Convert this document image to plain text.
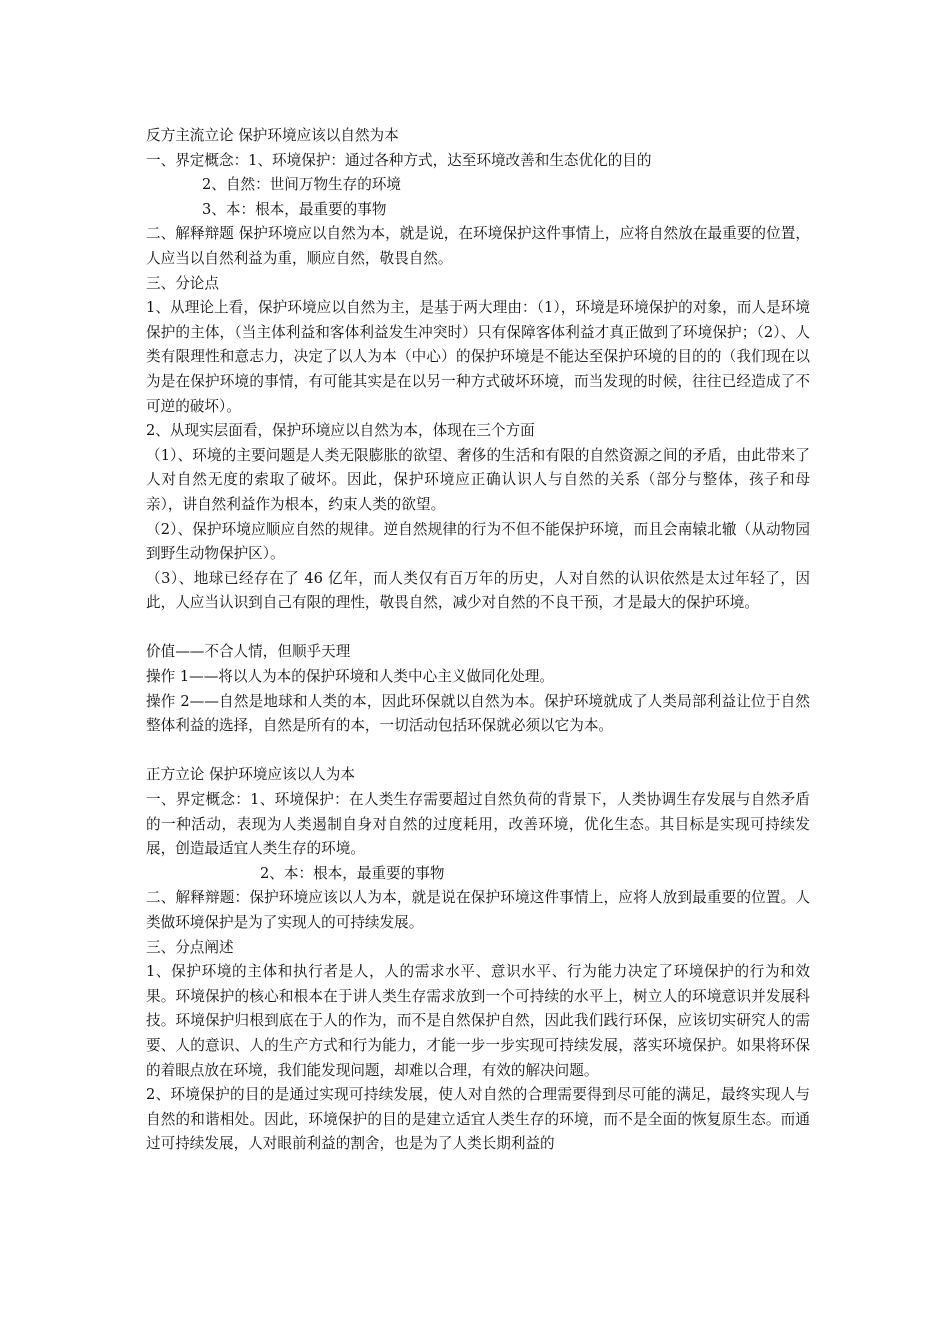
反方主流立论 保护环境应该以自然为本

一、界定概念：1、环境保护：通过各种方式，达至环境改善和生态优化的目的

2、自然：世间万物生存的环境

3、本：根本，最重要的事物

二、解释辩题 保护环境应以自然为本，就是说，在环境保护这件事情上，应将自然放在最重要的位置，人应当以自然利益为重，顺应自然，敬畏自然。

三、分论点

1、从理论上看，保护环境应以自然为主，是基于两大理由：（1），环境是环境保护的对象，而人是环境保护的主体，（当主体利益和客体利益发生冲突时）只有保障客体利益才真正做到了环境保护；（2）、人类有限理性和意志力，决定了以人为本（中心）的保护环境是不能达至保护环境的目的的（我们现在以为是在保护环境的事情，有可能其实是在以另一种方式破坏环境，而当发现的时候，往往已经造成了不可逆的破坏）。

2、从现实层面看，保护环境应以自然为本，体现在三个方面

（1）、环境的主要问题是人类无限膨胀的欲望、奢侈的生活和有限的自然资源之间的矛盾，由此带来了人对自然无度的索取了破坏。因此，保护环境应正确认识人与自然的关系（部分与整体，孩子和母亲），讲自然利益作为根本，约束人类的欲望。

（2）、保护环境应顺应自然的规律。逆自然规律的行为不但不能保护环境，而且会南辕北辙（从动物园到野生动物保护区）。

（3）、地球已经存在了 46 亿年，而人类仅有百万年的历史，人对自然的认识依然是太过年轻了，因此，人应当认识到自己有限的理性，敬畏自然，减少对自然的不良干预，才是最大的保护环境。

价值——不合人情，但顺乎天理

操作 1——将以人为本的保护环境和人类中心主义做同化处理。

操作 2——自然是地球和人类的本，因此环保就以自然为本。保护环境就成了人类局部利益让位于自然整体利益的选择，自然是所有的本，一切活动包括环保就必须以它为本。

正方立论 保护环境应该以人为本

一、界定概念：1、环境保护：在人类生存需要超过自然负荷的背景下，人类协调生存发展与自然矛盾的一种活动，表现为人类遏制自身对自然的过度耗用，改善环境，优化生态。其目标是实现可持续发展，创造最适宜人类生存的环境。

2、本：根本，最重要的事物

二、解释辩题：保护环境应该以人为本，就是说在保护环境这件事情上，应将人放到最重要的位置。人类做环境保护是为了实现人的可持续发展。

三、分点阐述

1、保护环境的主体和执行者是人，人的需求水平、意识水平、行为能力决定了环境保护的行为和效果。环境保护的核心和根本在于讲人类生存需求放到一个可持续的水平上，树立人的环境意识并发展科技。环境保护归根到底在于人的作为，而不是自然保护自然，因此我们践行环保，应该切实研究人的需要、人的意识、人的生产方式和行为能力，才能一步一步实现可持续发展，落实环境保护。如果将环保的着眼点放在环境，我们能发现问题，却难以合理，有效的解决问题。

2、环境保护的目的是通过实现可持续发展，使人对自然的合理需要得到尽可能的满足，最终实现人与自然的和谐相处。因此，环境保护的目的是建立适宜人类生存的环境，而不是全面的恢复原生态。而通过可持续发展，人对眼前利益的割舍，也是为了人类长期利益的
